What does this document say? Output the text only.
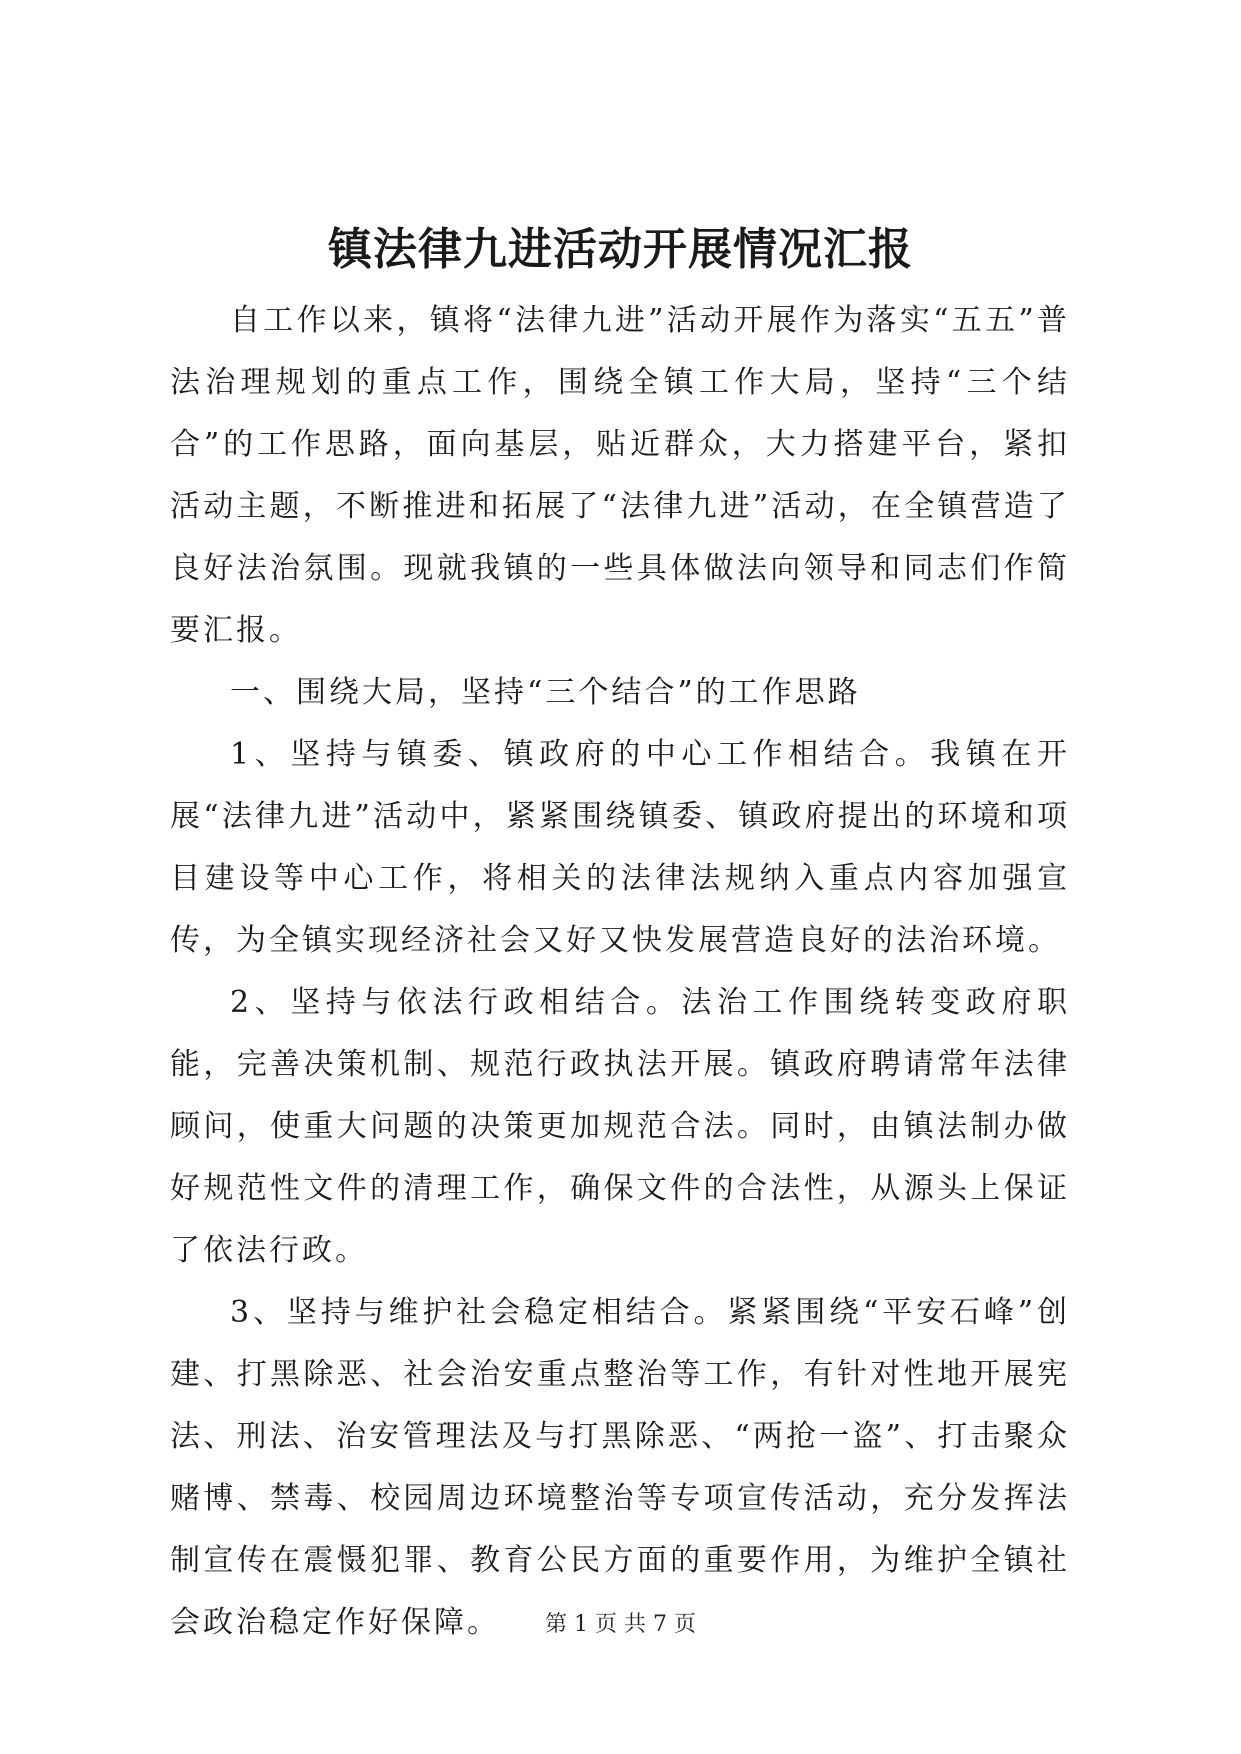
镇法律九进活动开展情况汇报

自工作以来，镇将“法律九进”活动开展作为落实“五五”普法治理规划的重点工作，围绕全镇工作大局，坚持“三个结合”的工作思路，面向基层，贴近群众，大力搭建平台，紧扣活动主题，不断推进和拓展了“法律九进”活动，在全镇营造了良好法治氛围。现就我镇的一些具体做法向领导和同志们作简要汇报。

一、围绕大局，坚持“三个结合”的工作思路

1、坚持与镇委、镇政府的中心工作相结合。我镇在开展“法律九进”活动中，紧紧围绕镇委、镇政府提出的环境和项目建设等中心工作，将相关的法律法规纳入重点内容加强宣传，为全镇实现经济社会又好又快发展营造良好的法治环境。

2、坚持与依法行政相结合。法治工作围绕转变政府职能，完善决策机制、规范行政执法开展。镇政府聘请常年法律顾问，使重大问题的决策更加规范合法。同时，由镇法制办做好规范性文件的清理工作，确保文件的合法性，从源头上保证了依法行政。

3、坚持与维护社会稳定相结合。紧紧围绕“平安石峰”创建、打黑除恶、社会治安重点整治等工作，有针对性地开展宪法、刑法、治安管理法及与打黑除恶、“两抢一盗”、打击聚众赌博、禁毒、校园周边环境整治等专项宣传活动，充分发挥法制宣传在震慑犯罪、教育公民方面的重要作用，为维护全镇社会政治稳定作好保障。	第 1 页 共 7 页
